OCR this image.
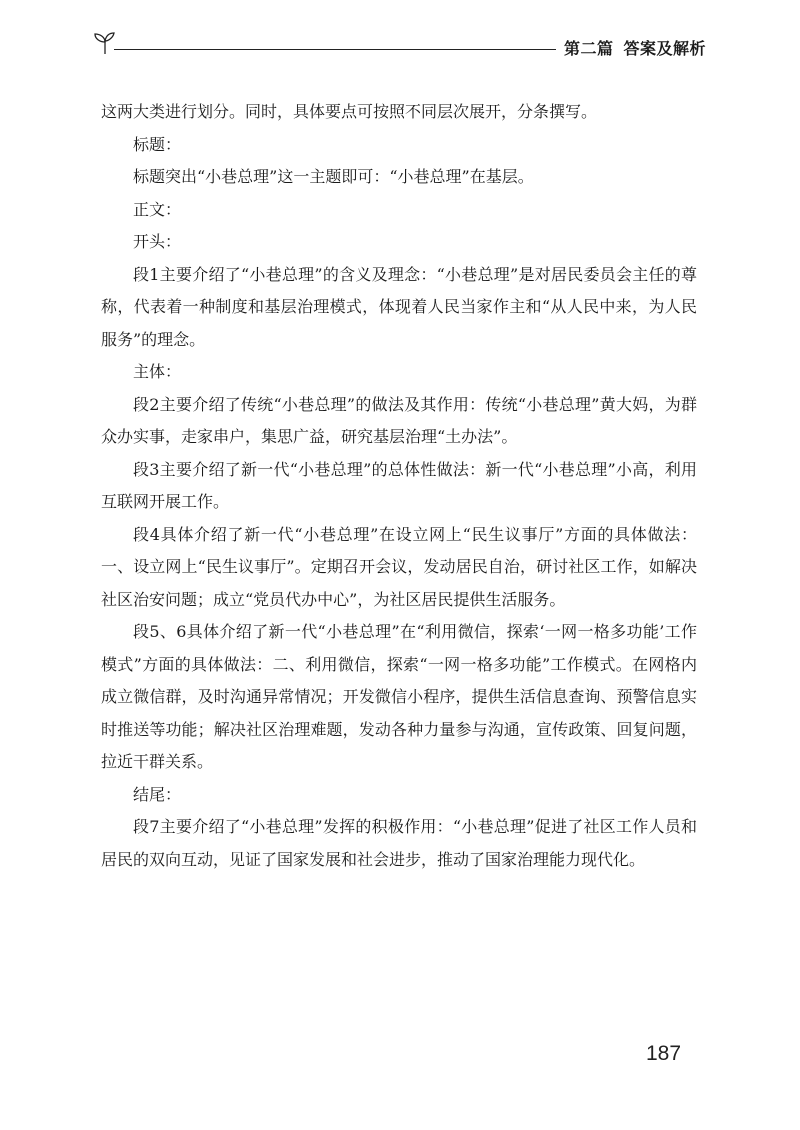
第二篇 答案及解析

这两大类进行划分。同时，具体要点可按照不同层次展开，分条撰写。

标题：

标题突出“小巷总理”这一主题即可：“小巷总理”在基层。

正文：

开头：

段1主要介绍了“小巷总理”的含义及理念：“小巷总理”是对居民委员会主任的尊称，代表着一种制度和基层治理模式，体现着人民当家作主和“从人民中来，为人民服务”的理念。

主体：

段2主要介绍了传统“小巷总理”的做法及其作用：传统“小巷总理”黄大妈，为群众办实事，走家串户，集思广益，研究基层治理“土办法”。

段3主要介绍了新一代“小巷总理”的总体性做法：新一代“小巷总理”小高，利用互联网开展工作。

段4具体介绍了新一代“小巷总理”在设立网上“民生议事厅”方面的具体做法：一、设立网上“民生议事厅”。定期召开会议，发动居民自治，研讨社区工作，如解决社区治安问题；成立“党员代办中心”，为社区居民提供生活服务。

段5、6具体介绍了新一代“小巷总理”在“利用微信，探索‘一网一格多功能’工作模式”方面的具体做法：二、利用微信，探索“一网一格多功能”工作模式。在网格内成立微信群，及时沟通异常情况；开发微信小程序，提供生活信息查询、预警信息实时推送等功能；解决社区治理难题，发动各种力量参与沟通，宣传政策、回复问题，拉近干群关系。

结尾：

段7主要介绍了“小巷总理”发挥的积极作用：“小巷总理”促进了社区工作人员和居民的双向互动，见证了国家发展和社会进步，推动了国家治理能力现代化。

187
